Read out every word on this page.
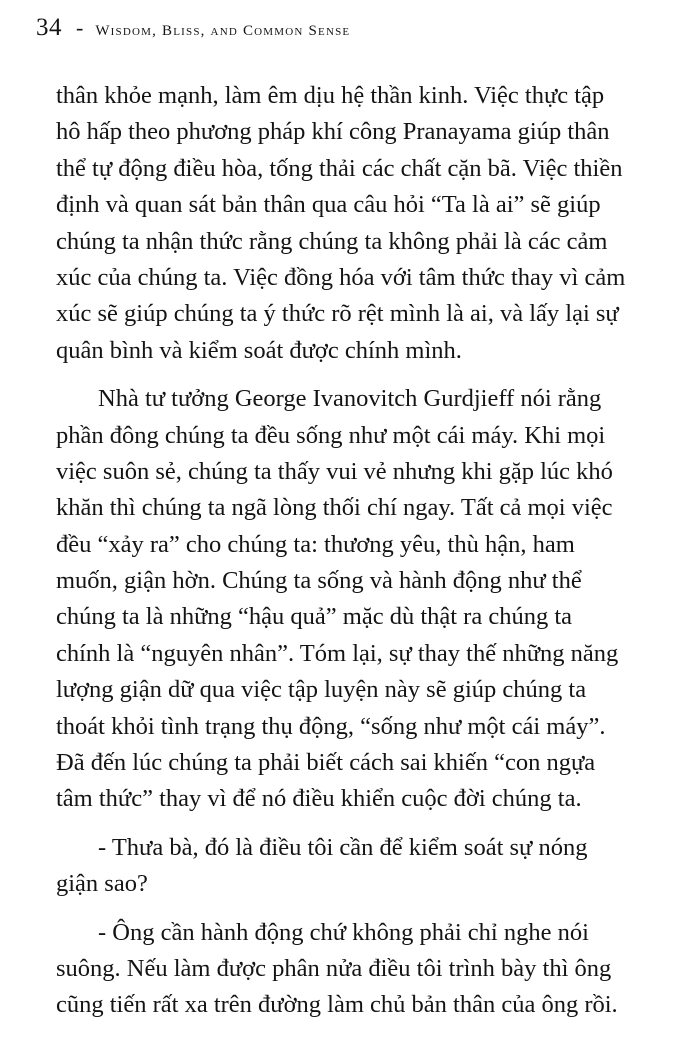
34 - Wisdom, Bliss, and Common Sense

thân khỏe mạnh, làm êm dịu hệ thần kinh. Việc thực tập
hô hấp theo phương pháp khí công Pranayama giúp thân
thể tự động điều hòa, tống thải các chất cặn bã. Việc thiền
định và quan sát bản thân qua câu hỏi “Ta là ai” sẽ giúp
chúng ta nhận thức rằng chúng ta không phải là các cảm
xúc của chúng ta. Việc đồng hóa với tâm thức thay vì cảm
xúc sẽ giúp chúng ta ý thức rõ rệt mình là ai, và lấy lại sự
quân bình và kiểm soát được chính mình.

Nhà tư tưởng George Ivanovitch Gurdjieff nói rằng
phần đông chúng ta đều sống như một cái máy. Khi mọi
việc suôn sẻ, chúng ta thấy vui vẻ nhưng khi gặp lúc khó
khăn thì chúng ta ngã lòng thối chí ngay. Tất cả mọi việc
đều “xảy ra” cho chúng ta: thương yêu, thù hận, ham
muốn, giận hờn. Chúng ta sống và hành động như thể
chúng ta là những “hậu quả” mặc dù thật ra chúng ta
chính là “nguyên nhân”. Tóm lại, sự thay thế những năng
lượng giận dữ qua việc tập luyện này sẽ giúp chúng ta
thoát khỏi tình trạng thụ động, “sống như một cái máy”.
Đã đến lúc chúng ta phải biết cách sai khiến “con ngựa
tâm thức” thay vì để nó điều khiển cuộc đời chúng ta.

- Thưa bà, đó là điều tôi cần để kiểm soát sự nóng
giận sao?

- Ông cần hành động chứ không phải chỉ nghe nói
suông. Nếu làm được phân nửa điều tôi trình bày thì ông
cũng tiến rất xa trên đường làm chủ bản thân của ông rồi.
